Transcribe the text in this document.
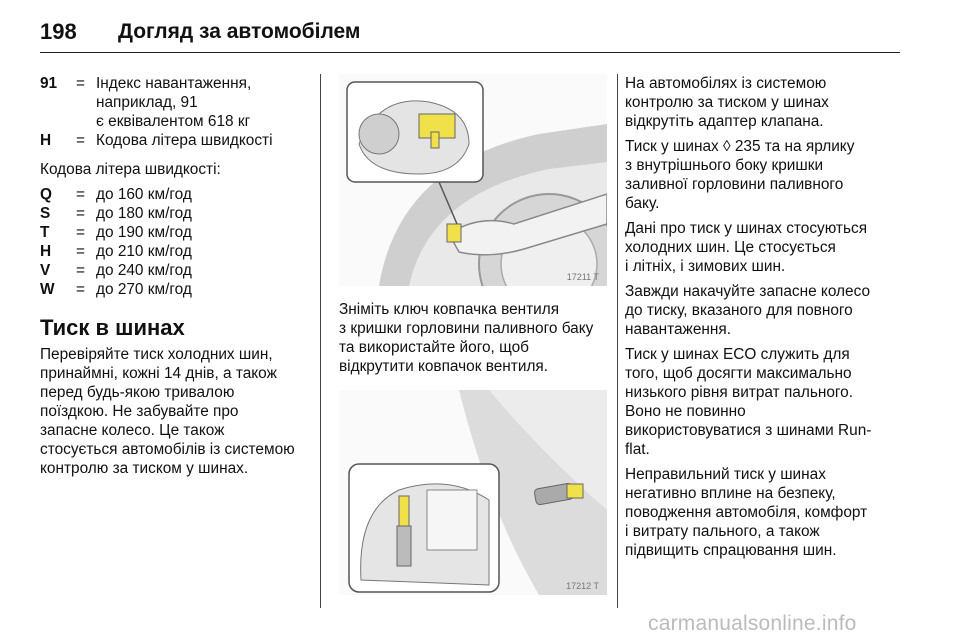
198	Догляд за автомобілем
91	= Індекс навантаження,
наприклад, 91
є еквівалентом 618 кг
H	= Кодова літера швидкості

Кодова літера швидкості:

Q	= до 160 км/год
S	= до 180 км/год
T	= до 190 км/год
H	= до 210 км/год
V	= до 240 км/год
W	= до 270 км/год
Тиск в шинах

Перевіряйте тиск холодних шин,

принаймні, кожні 14 днів, а також

перед будь-якою тривалою

поїздкою. Не забувайте про

запасне колесо. Це також

стосується автомобілів із системою

контролю за тиском у шинах.

17211 T

Зніміть ключ ковпачка вентиля

з кришки горловини паливного баку

та використайте його, щоб

відкрутити ковпачок вентиля.

17212 T

На автомобілях із системою

контролю за тиском у шинах

відкрутіть адаптер клапана.

Тиск у шинах ◊ 235 та на ярлику

з внутрішнього боку кришки

заливної горловини паливного

баку.

Дані про тиск у шинах стосуються

холодних шин. Це стосується

і літніх, і зимових шин.

Завжди накачуйте запасне колесо

до тиску, вказаного для повного

навантаження.

Тиск у шинах ECO служить для

того, щоб досягти максимально

низького рівня витрат пального.

Воно не повинно

використовуватися з шинами Run-

flat.

Неправильний тиск у шинах

негативно вплине на безпеку,

поводження автомобіля, комфорт

і витрату пального, а також

підвищить спрацювання шин.

carmanualsonline.info
